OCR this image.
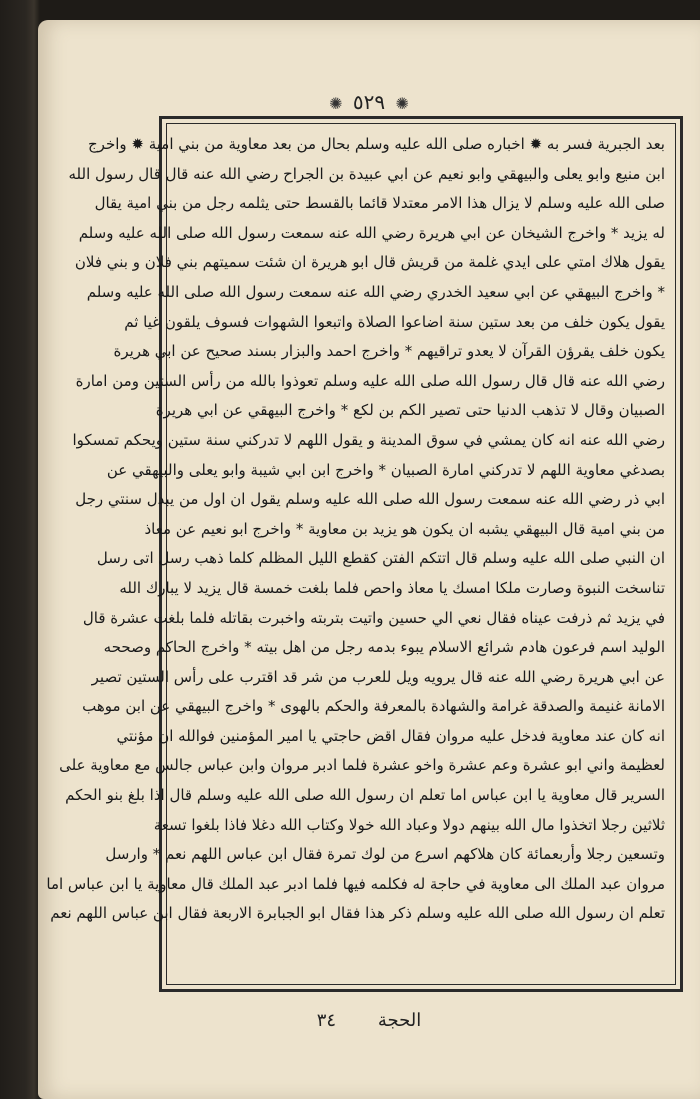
✺ ٥٢٩ ✺
بعد الجبرية فسر به ✹ اخباره صلى الله عليه وسلم بحال من بعد معاوية من بني امية ✹ واخرج
ابن منيع وابو يعلى والبيهقي وابو نعيم عن ابي عبيدة بن الجراح رضي الله عنه قال قال رسول الله
صلى الله عليه وسلم لا يزال هذا الامر معتدلا قائما بالقسط حتى يثلمه رجل من بني امية يقال
له يزيد * واخرج الشيخان عن ابي هريرة رضي الله عنه سمعت رسول الله صلى الله عليه وسلم
يقول هلاك امتي على ايدي غلمة من قريش قال ابو هريرة ان شئت سميتهم بني فلان و بني فلان
* واخرج البيهقي عن ابي سعيد الخدري رضي الله عنه سمعت رسول الله صلى الله عليه وسلم
يقول يكون خلف من بعد ستين سنة اضاعوا الصلاة واتبعوا الشهوات فسوف يلقون غيا ثم
يكون خلف يقرؤن القرآن لا يعدو تراقيهم * واخرج احمد والبزار بسند صحيح عن ابي هريرة
رضي الله عنه قال قال رسول الله صلى الله عليه وسلم تعوذوا بالله من رأس الستين ومن امارة
الصبيان وقال لا تذهب الدنيا حتى تصير الكم بن لكع * واخرج البيهقي عن ابي هريرة
رضي الله عنه انه كان يمشي في سوق المدينة و يقول اللهم لا تدركني سنة ستين ويحكم تمسكوا
بصدغي معاوية اللهم لا تدركني امارة الصبيان * واخرج ابن ابي شيبة وابو يعلى والبيهقي عن
ابي ذر رضي الله عنه سمعت رسول الله صلى الله عليه وسلم يقول ان اول من يبدل سنتي رجل
من بني امية قال البيهقي يشبه ان يكون هو يزيد بن معاوية * واخرج ابو نعيم عن معاذ
ان النبي صلى الله عليه وسلم قال اتتكم الفتن كقطع الليل المظلم كلما ذهب رسل اتى رسل
تناسخت النبوة وصارت ملكا امسك يا معاذ واحص فلما بلغت خمسة قال يزيد لا يبارك الله
في يزيد ثم ذرفت عيناه فقال نعي الي حسين واتيت بتربته واخبرت بقاتله فلما بلغت عشرة قال
الوليد اسم فرعون هادم شرائع الاسلام يبوء بدمه رجل من اهل بيته * واخرج الحاكم وصححه
عن ابي هريرة رضي الله عنه قال يرويه ويل للعرب من شر قد اقترب على رأس الستين تصير
الامانة غنيمة والصدقة غرامة والشهادة بالمعرفة والحكم بالهوى * واخرج البيهقي عن ابن موهب
انه كان عند معاوية فدخل عليه مروان فقال اقض حاجتي يا امير المؤمنين فوالله ان مؤنتي
لعظيمة واني ابو عشرة وعم عشرة واخو عشرة فلما ادبر مروان وابن عباس جالس مع معاوية على
السرير قال معاوية يا ابن عباس اما تعلم ان رسول الله صلى الله عليه وسلم قال اذا بلغ بنو الحكم
ثلاثين رجلا اتخذوا مال الله بينهم دولا وعباد الله خولا وكتاب الله دغلا فاذا بلغوا تسعة
وتسعين رجلا وأربعمائة كان هلاكهم اسرع من لوك تمرة فقال ابن عباس اللهم نعم * وارسل
مروان عبد الملك الى معاوية في حاجة له فكلمه فيها فلما ادبر عبد الملك قال معاوية يا ابن عباس اما
تعلم ان رسول الله صلى الله عليه وسلم ذكر هذا فقال ابو الجبابرة الاربعة فقال ابن عباس اللهم نعم
الحجة ٣٤
